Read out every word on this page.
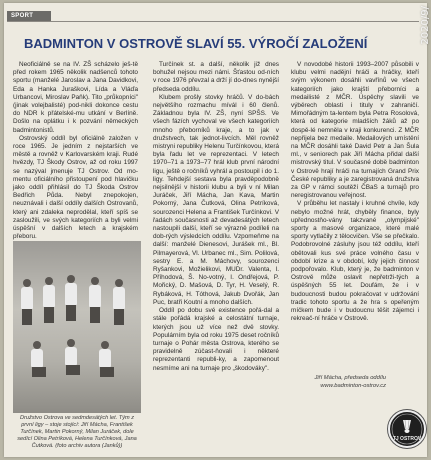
SPORT
BADMINTON V OSTROVĚ SLAVÍ 55. VÝROČÍ ZALOŽENÍ

Neoficiálně se na IV. ZŠ scházelo ješ-tě před rokem 1965 několik nadšenců tohoto sportu (manželé Jaroslav a Jana Davidkovi, Eda a Hanka Juraškovi, Lída a Vláďa Urbancovi, Miroslav Paňk). Tito „průkopníci" (jinak volejbalisté) pod-nikli dokonce cestu do NDR k přátelské-mu utkání v Berlíně. Došlo na oplátku i k pozvání německých badmintonistů.

Ostrovský oddíl byl oficiálně založen v roce 1965. Je jedním z nejstarších ve městě a rovněž v Karlovarském kraji. Rudé hvězdy, TJ Škody Ostrov, až od roku 1997 se nazýval jmenuje TJ Ostrov. Od mo-mentu oficiálního přistoupení pod hlavičku jako oddíl přihlásil do TJ Škoda Ostrov Bedřich Půda. Nebyl znepokojen, neuznávali i další oddíly dalších Ostrovanů, který ani zdaleka neprodělal, kteří spíš se zasloužili, ve svých kategoriích a byli velmi úspěšní v dalších letech a krajském přeboru.

Družstvo Ostrova ve sedmdesátých let. Tým z první ligy – stoje stojící: Jiří Mácha, František Turčínek, Martin Pokorný, Milan Juráček, dole sedící Olina Petríková, Helena Turčínková, Jana Čutková. (foto archiv autora (Janků))

Turčínek st. a další, několik již dnes bohužel nejsou mezi námi. Šťastou od-ních v roce 1976 převzal a drží jí do-dnes nynější předseda oddílu.

Klubem prošly stovky hráčů. V do-bách největšího rozmachu mívál i 60 členů. Základnou byla IV. ZŠ, nyní SPŠS. Ve všech fázích vychoval ve všech kategoriích mnoho přeborníků kraje, a to jak v družstvech, tak jednot-livcích. Měl rovněž mistryni republiky Helenu Turčínkovou, která byla řadu let ve reprezentaci. V letech 1970–71 a 1973–77 hrál klub první národní ligu, ještě o ročníků vyhrál a postoupil i do 1. ligy. Tehdejší sestava byla pravděpodobně nejsilnější v historii klubu a byli v ní Milan Juráček, Jiří Mácha, Jan Kava, Martin Pokorný, Jana Čutková, Olina Petríková, sourozenci Helena a František Turčínkovi. V řadách současnosti až devadesátých letech nastoupili další, kteří se výrazně podíleli na dob-rých výsledcích oddílu. Vzpomeňme na další: manželé Dienesovi, Jurášek ml., Bl. Pilmayerová, Vl. Urbanec ml., Sim. Polilová, sestry E. a M. Máchovy, sourozenci Ryšankovi, Možielikovi, MUDr. Valenta, I. Příhodová, Š. No-votný, I. Ondřejová, P. Mořický, D. Mašová, D. Tyr, H. Veselý, R. Rybáková, H. Tóthová, Jakub Dvořák, Jan Puc, bratři Koutní a mnoho dalších.

Oddíl po dobu své existence pořá-dal a stále pořádá krajské a celostátní turnaje, kterých jsou už více než dvě stovky. Populárním byla od roku 1975 deset ročníků turnaje o Pohár města Ostrova, kterého se pravidelně zúčast-ňovali i některé reprezentanti republi-ky, a zapomenout nesmíme ani na turnaje pro „škodováky".

V novodobé historii 1993–2007 působili v klubu velmi nadějní hráči a hráčky, kteří svým výkonem dosáhli vavřínů ve všech kategoriích jako krajští přeborníci a medailisté z MČR. Úspěchy slavili ve výběrech oblasti i tituly v zahraničí. Mimořádným ta-lentem byla Petra Rosolová, která od kategorie mladších žáků až po dospě-lé nemněla v kraji konkurenci. Z MČR nepřijela bez medaile. Medailových umístění na MČR dosáhli také David Petr a Jan Šula ml., v seniorech pak Jiří Mácha přidal další mistrovský titul. V současné době badminton v Ostrově hrají hráči na turnajích Grand Prix České republiky a je zaregistrovaná družstva za GP v rámci soutěží ČBaS a turnajů pro neregistrovanou veřejnost.

V průběhu let nastaly i kruhné chvíle, kdy nebylo možné hrát, chyběly finance, byly upřednostňo-vány takzvané „olympijské" sporty a masové organizace, které malé sporty vytlačily z tělocvičen. Vše se přečkalo. Podobrovolné zásluhy jsou též oddílu, kteří obětovali kus své práce volného času v období krize a v období, kdy jejich činnost podpořovalo. Klub, který je, že badminton v Ostrově může oslavit nepřetrži-tých a úspěšných 55 let. Doufám, že i v budoucnosti budou pokračovat v udržování tradic tohoto sportu a že hra s opeřeným míčkem bude i v budoucnu těšit zájemci i rekreač-ní hráče v Ostrově.

Jiří Mácha, předseda oddílu
www.badminton-ostrov.cz
TJ OSTROV
2020/9/
